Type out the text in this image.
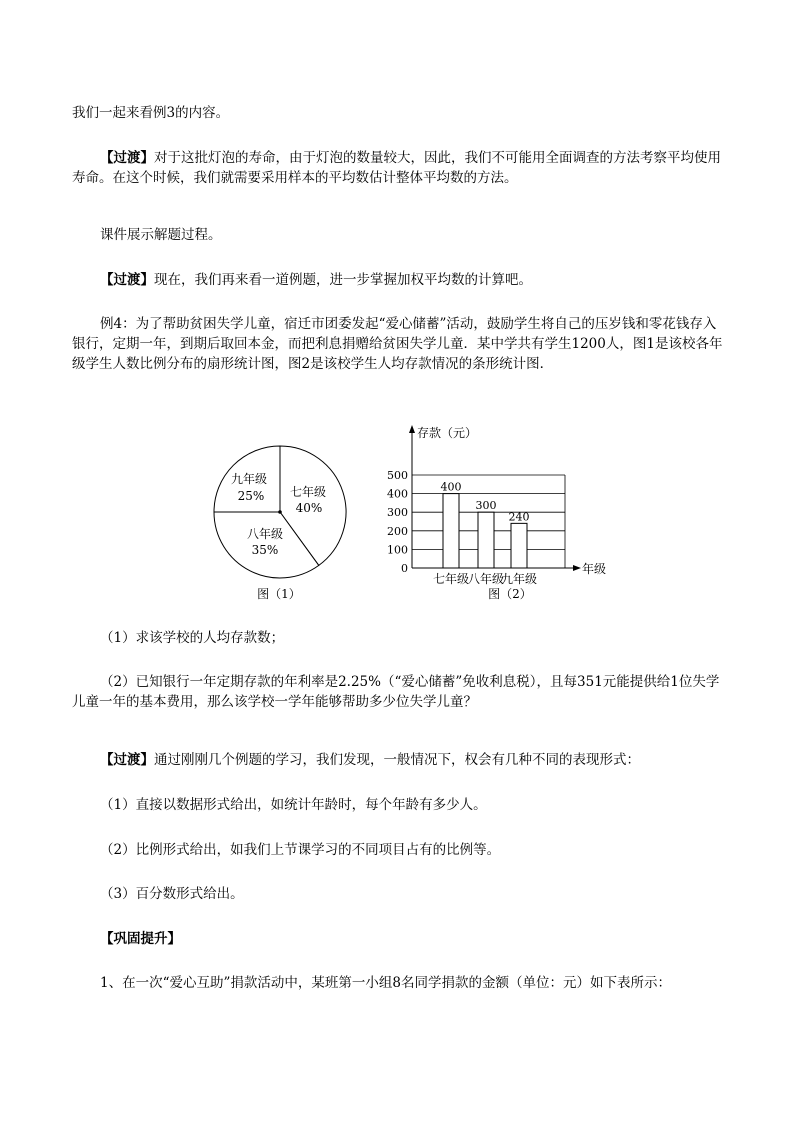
我们一起来看例3的内容。

【过渡】对于这批灯泡的寿命，由于灯泡的数量较大，因此，我们不可能用全面调查的方法考察平均使用寿命。在这个时候，我们就需要采用样本的平均数估计整体平均数的方法。

课件展示解题过程。

【过渡】现在，我们再来看一道例题，进一步掌握加权平均数的计算吧。

例4：为了帮助贫困失学儿童，宿迁市团委发起“爱心储蓄”活动，鼓励学生将自己的压岁钱和零花钱存入银行，定期一年，到期后取回本金，而把利息捐赠给贫困失学儿童．某中学共有学生1200人，图1是该校各年级学生人数比例分布的扇形统计图，图2是该校学生人均存款情况的条形统计图．

七年级
40%
八年级
35%
九年级
25%
图（1）
0
100
200
300
400
500
存款（元）
年级
400
七年级
300
八年级
240
九年级
图（2）

（1）求该学校的人均存款数；

（2）已知银行一年定期存款的年利率是2.25%（“爱心储蓄”免收利息税），且每351元能提供给1位失学儿童一年的基本费用，那么该学校一学年能够帮助多少位失学儿童？

【过渡】通过刚刚几个例题的学习，我们发现，一般情况下，权会有几种不同的表现形式：

（1）直接以数据形式给出，如统计年龄时，每个年龄有多少人。

（2）比例形式给出，如我们上节课学习的不同项目占有的比例等。

（3）百分数形式给出。

【巩固提升】

1、在一次“爱心互助”捐款活动中，某班第一小组8名同学捐款的金额（单位：元）如下表所示：
